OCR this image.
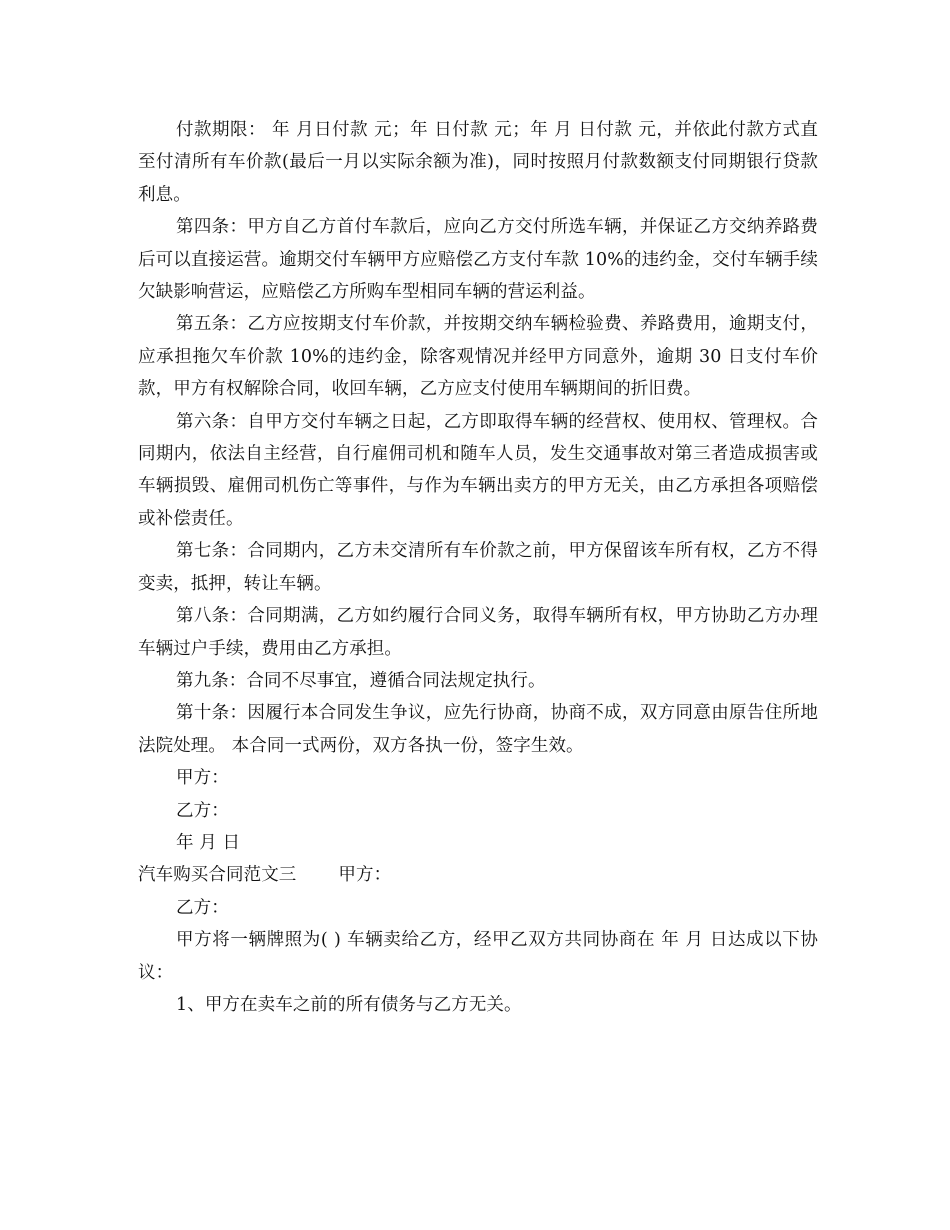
付款期限： 年 月日付款 元；年 日付款 元；年 月 日付款 元，并依此付款方式直至付清所有车价款(最后一月以实际余额为准)，同时按照月付款数额支付同期银行贷款利息。

第四条：甲方自乙方首付车款后，应向乙方交付所选车辆，并保证乙方交纳养路费后可以直接运营。逾期交付车辆甲方应赔偿乙方支付车款 10%的违约金，交付车辆手续欠缺影响营运，应赔偿乙方所购车型相同车辆的营运利益。

第五条：乙方应按期支付车价款，并按期交纳车辆检验费、养路费用，逾期支付，应承担拖欠车价款 10%的违约金，除客观情况并经甲方同意外，逾期 30 日支付车价款，甲方有权解除合同，收回车辆，乙方应支付使用车辆期间的折旧费。

第六条：自甲方交付车辆之日起，乙方即取得车辆的经营权、使用权、管理权。合同期内，依法自主经营，自行雇佣司机和随车人员，发生交通事故对第三者造成损害或车辆损毁、雇佣司机伤亡等事件，与作为车辆出卖方的甲方无关，由乙方承担各项赔偿或补偿责任。

第七条：合同期内，乙方未交清所有车价款之前，甲方保留该车所有权，乙方不得变卖，抵押，转让车辆。

第八条：合同期满，乙方如约履行合同义务，取得车辆所有权，甲方协助乙方办理车辆过户手续，费用由乙方承担。

第九条：合同不尽事宜，遵循合同法规定执行。

第十条：因履行本合同发生争议，应先行协商，协商不成，双方同意由原告住所地法院处理。 本合同一式两份，双方各执一份，签字生效。

甲方：

乙方：

年 月 日

汽车购买合同范文三 甲方：

乙方：

甲方将一辆牌照为( ) 车辆卖给乙方，经甲乙双方共同协商在 年 月 日达成以下协议：

1、甲方在卖车之前的所有债务与乙方无关。
